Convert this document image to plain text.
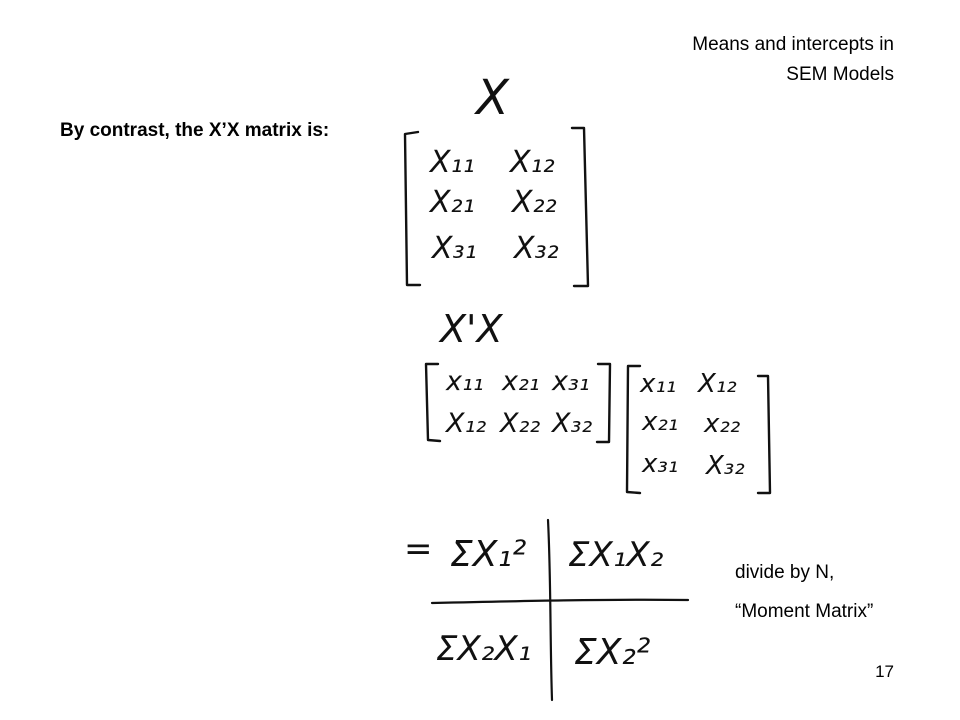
Means and intercepts in
SEM Models
By contrast, the X’X matrix is:
X
X₁₁ X₁₂
X₂₁ X₂₂
X₃₁ X₃₂
X'X
x₁₁ x₂₁ x₃₁
X₁₂ X₂₂ X₃₂
x₁₁ X₁₂
x₂₁ x₂₂
x₃₁ X₃₂
= ΣX₁² ΣX₁X₂
ΣX₂X₁ ΣX₂²
divide by N,
“Moment Matrix”
17
